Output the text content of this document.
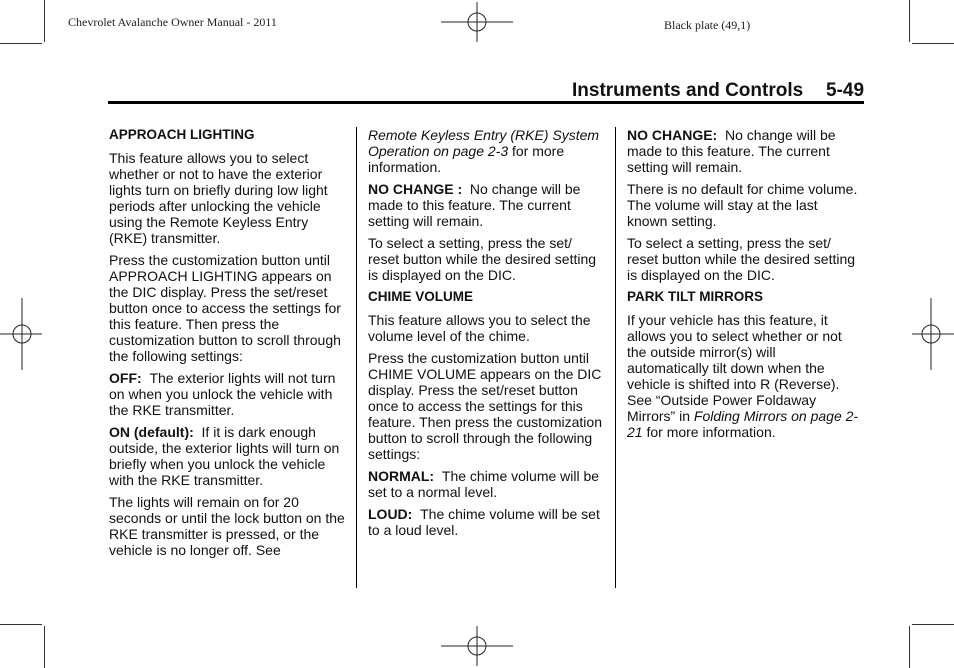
Chevrolet Avalanche Owner Manual - 2011	Black plate (49,1)
Instruments and Controls 5-49

APPROACH LIGHTING

This feature allows you to select whether or not to have the exterior lights turn on briefly during low light periods after unlocking the vehicle using the Remote Keyless Entry (RKE) transmitter.

Press the customization button until APPROACH LIGHTING appears on the DIC display. Press the set/reset button once to access the settings for this feature. Then press the customization button to scroll through the following settings:

OFF: The exterior lights will not turn on when you unlock the vehicle with the RKE transmitter.

ON (default): If it is dark enough outside, the exterior lights will turn on briefly when you unlock the vehicle with the RKE transmitter.

The lights will remain on for 20 seconds or until the lock button on the RKE transmitter is pressed, or the vehicle is no longer off. See

Remote Keyless Entry (RKE) System Operation on page 2-3 for more information.

NO CHANGE : No change will be made to this feature. The current setting will remain.

To select a setting, press the set/ reset button while the desired setting is displayed on the DIC.

CHIME VOLUME

This feature allows you to select the volume level of the chime.

Press the customization button until CHIME VOLUME appears on the DIC display. Press the set/reset button once to access the settings for this feature. Then press the customization button to scroll through the following settings:

NORMAL: The chime volume will be set to a normal level.

LOUD: The chime volume will be set to a loud level.

NO CHANGE: No change will be made to this feature. The current setting will remain.

There is no default for chime volume. The volume will stay at the last known setting.

To select a setting, press the set/ reset button while the desired setting is displayed on the DIC.

PARK TILT MIRRORS

If your vehicle has this feature, it allows you to select whether or not the outside mirror(s) will automatically tilt down when the vehicle is shifted into R (Reverse). See “Outside Power Foldaway Mirrors” in Folding Mirrors on page 2-21 for more information.
